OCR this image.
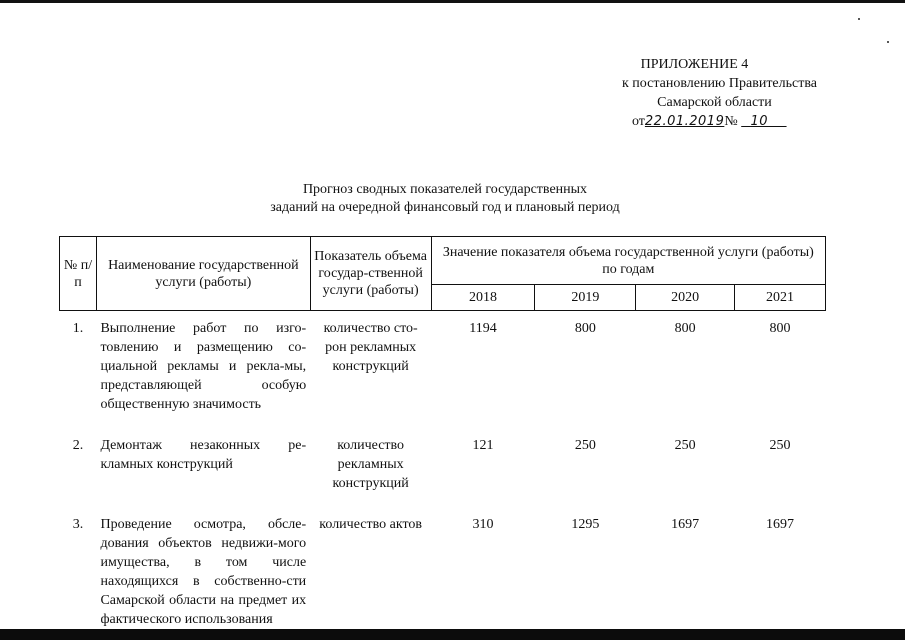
ПРИЛОЖЕНИЕ 4
к постановлению Правительства
Самарской области
от22.01.2019№ 10
Прогноз сводных показателей государственных
заданий на очередной финансовый год и плановый период
№ п/п	Наименование государственной услуги (работы)	Показатель объема государ-ственной услуги (работы)	Значение показателя объема государственной услуги (работы) по годам			
			2018	2019	2020	2021
1.	Выполнение работ по изго-товлению и размещению со-циальной рекламы и рекла-мы, представляющей особую общественную значимость	количество сто-рон рекламных конструкций	1194	800	800	800
2.	Демонтаж незаконных ре-кламных конструкций	количество рекламных конструкций	121	250	250	250
3.	Проведение осмотра, обсле-дования объектов недвижи-мого имущества, в том числе находящихся в собственно-сти Самарской области на предмет их фактического использования	количество актов	310	1295	1697	1697
